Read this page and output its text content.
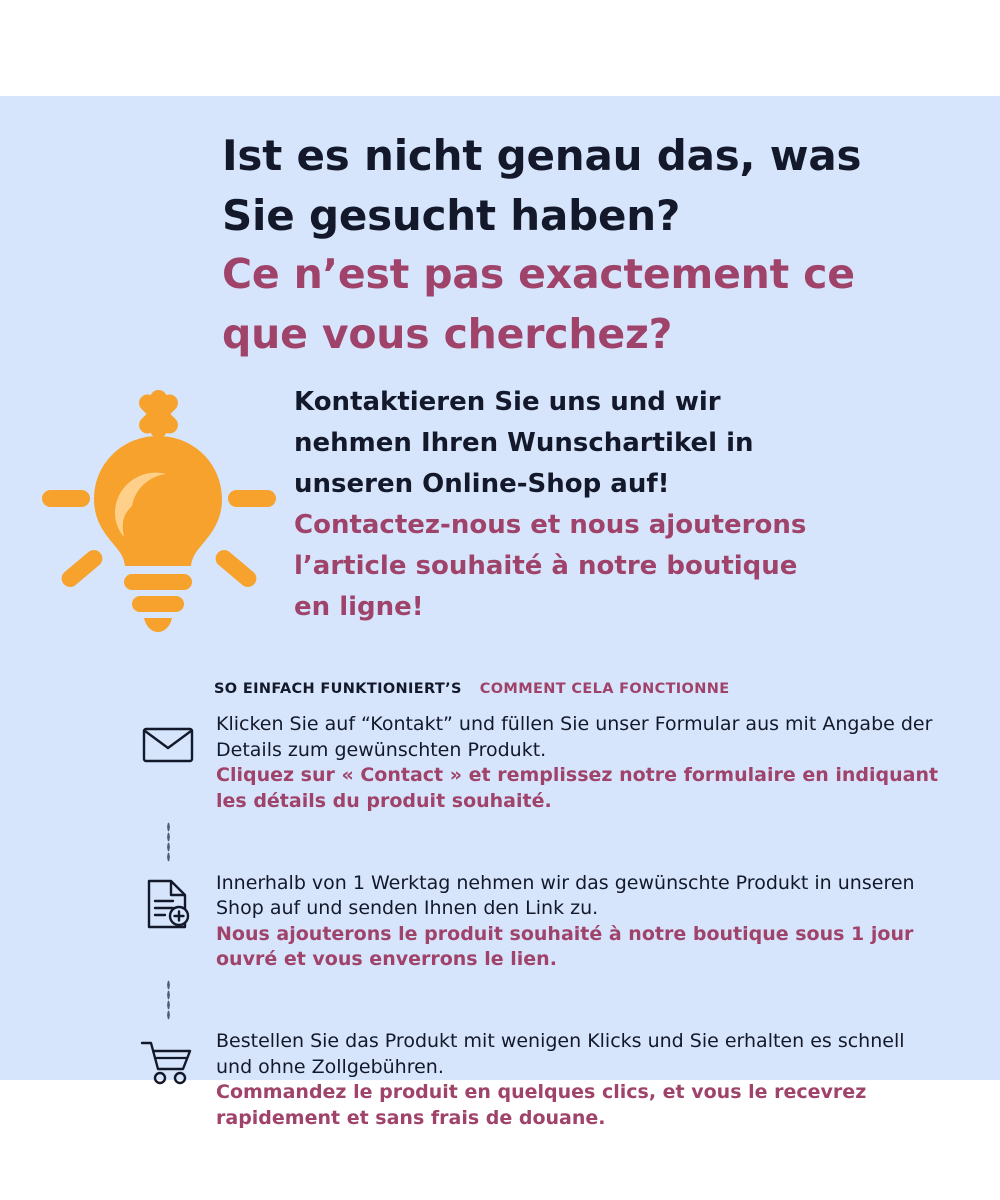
Ist es nicht genau das, was

Sie gesucht haben?

Ce n’est pas exactement ce

que vous cherchez?

Kontaktieren Sie uns und wir

nehmen Ihren Wunschartikel in

unseren Online-Shop auf!

Contactez-nous et nous ajouterons

l’article souhaité à notre boutique

en ligne!

SO EINFACH FUNKTIONIERT’S COMMENT CELA FONCTIONNE

Klicken Sie auf “Kontakt” und füllen Sie unser Formular aus mit Angabe der Details zum gewünschten Produkt.

Cliquez sur « Contact » et remplissez notre formulaire en indiquant les détails du produit souhaité.

Innerhalb von 1 Werktag nehmen wir das gewünschte Produkt in unseren Shop auf und senden Ihnen den Link zu.

Nous ajouterons le produit souhaité à notre boutique sous 1 jour ouvré et vous enverrons le lien.

Bestellen Sie das Produkt mit wenigen Klicks und Sie erhalten es schnell und ohne Zollgebühren.

Commandez le produit en quelques clics, et vous le recevrez rapidement et sans frais de douane.
